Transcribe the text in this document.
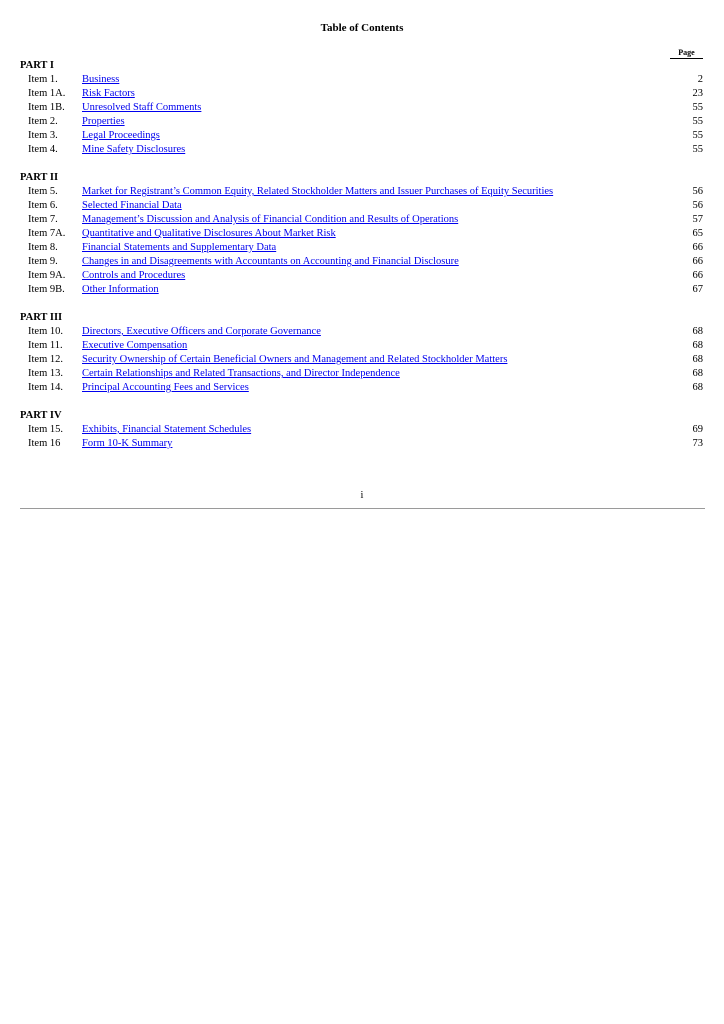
Table of Contents
Page
PART I
Item 1. Business	2
Item 1A. Risk Factors	23
Item 1B. Unresolved Staff Comments	55
Item 2. Properties	55
Item 3. Legal Proceedings	55
Item 4. Mine Safety Disclosures	55
PART II
Item 5. Market for Registrant’s Common Equity, Related Stockholder Matters and Issuer Purchases of Equity Securities	56
Item 6. Selected Financial Data	56
Item 7. Management’s Discussion and Analysis of Financial Condition and Results of Operations	57
Item 7A. Quantitative and Qualitative Disclosures About Market Risk	65
Item 8. Financial Statements and Supplementary Data	66
Item 9. Changes in and Disagreements with Accountants on Accounting and Financial Disclosure	66
Item 9A. Controls and Procedures	66
Item 9B. Other Information	67
PART III
Item 10. Directors, Executive Officers and Corporate Governance	68
Item 11. Executive Compensation	68
Item 12. Security Ownership of Certain Beneficial Owners and Management and Related Stockholder Matters	68
Item 13. Certain Relationships and Related Transactions, and Director Independence	68
Item 14. Principal Accounting Fees and Services	68
PART IV
Item 15. Exhibits, Financial Statement Schedules	69
Item 16 Form 10-K Summary	73
i
